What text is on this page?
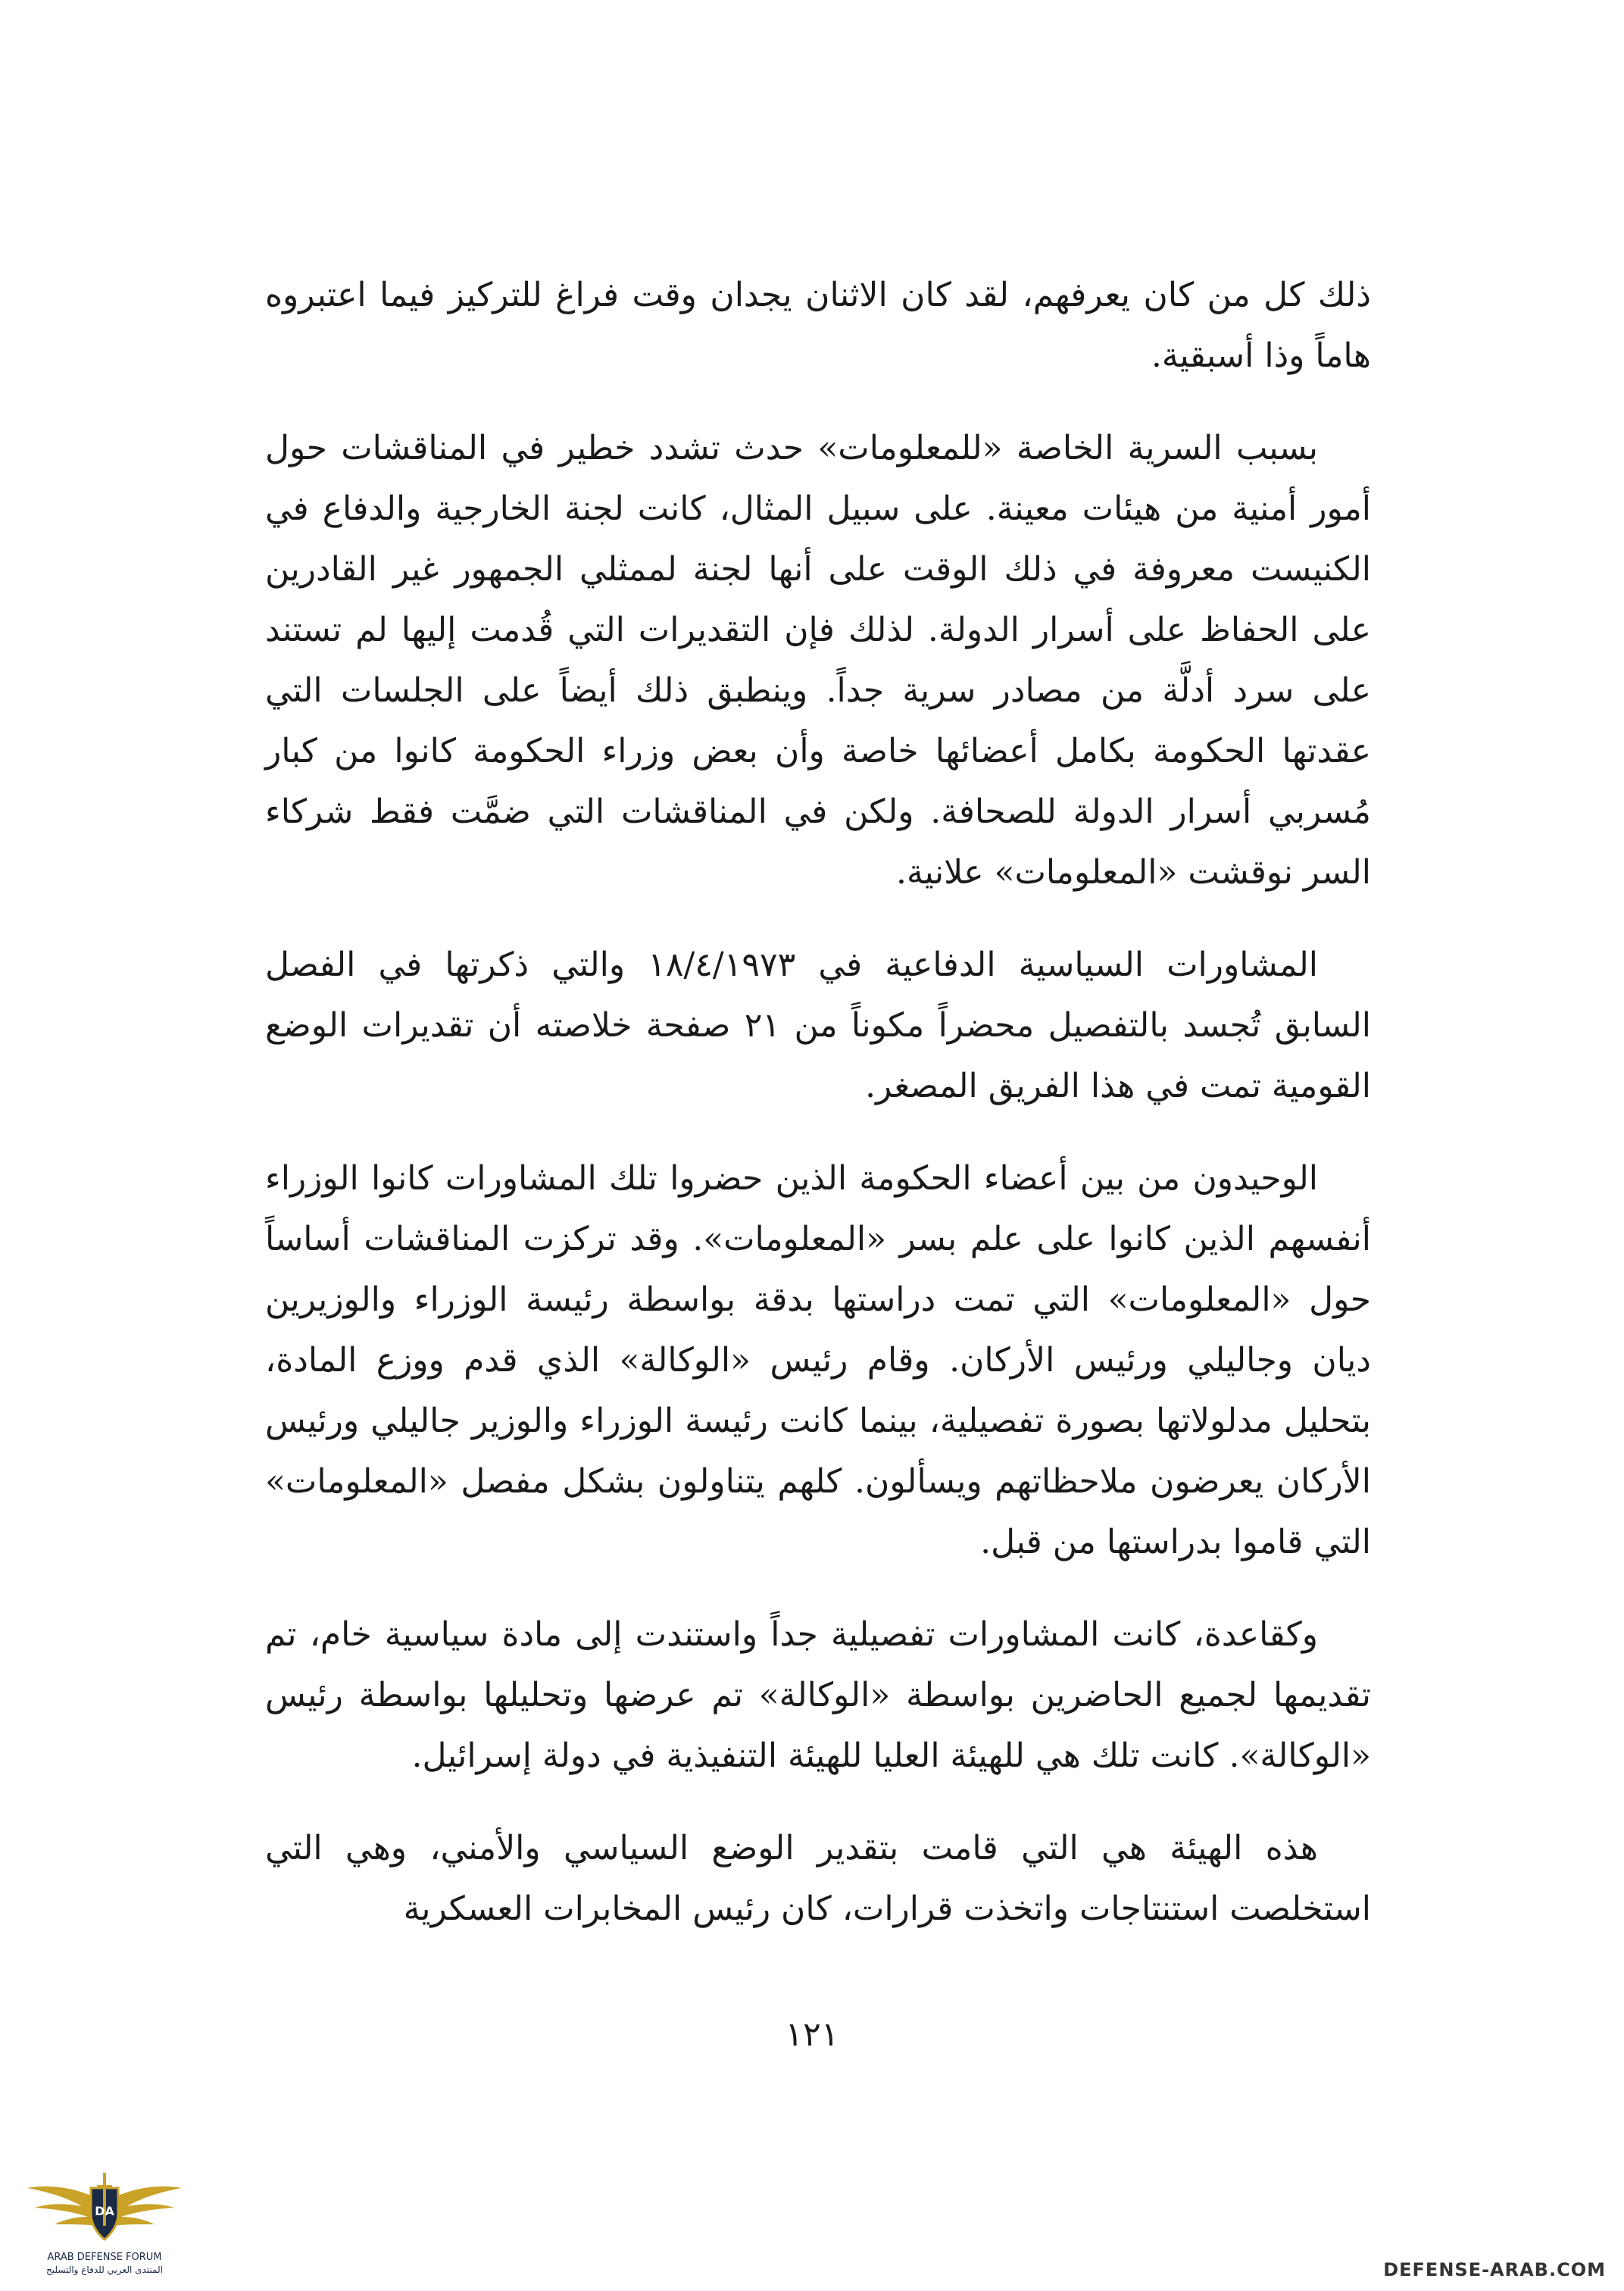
ذلك كل من كان يعرفهم، لقد كان الاثنان يجدان وقت فراغ للتركيز فيما اعتبروه هاماً وذا أسبقية.

بسبب السرية الخاصة «للمعلومات» حدث تشدد خطير في المناقشات حول أمور أمنية من هيئات معينة. على سبيل المثال، كانت لجنة الخارجية والدفاع في الكنيست معروفة في ذلك الوقت على أنها لجنة لممثلي الجمهور غير القادرين على الحفاظ على أسرار الدولة. لذلك فإن التقديرات التي قُدمت إليها لم تستند على سرد أدلَّة من مصادر سرية جداً. وينطبق ذلك أيضاً على الجلسات التي عقدتها الحكومة بكامل أعضائها خاصة وأن بعض وزراء الحكومة كانوا من كبار مُسربي أسرار الدولة للصحافة. ولكن في المناقشات التي ضمَّت فقط شركاء السر نوقشت «المعلومات» علانية.

المشاورات السياسية الدفاعية في ١٨/٤/١٩٧٣ والتي ذكرتها في الفصل السابق تُجسد بالتفصيل محضراً مكوناً من ٢١ صفحة خلاصته أن تقديرات الوضع القومية تمت في هذا الفريق المصغر.

الوحيدون من بين أعضاء الحكومة الذين حضروا تلك المشاورات كانوا الوزراء أنفسهم الذين كانوا على علم بسر «المعلومات». وقد تركزت المناقشات أساساً حول «المعلومات» التي تمت دراستها بدقة بواسطة رئيسة الوزراء والوزيرين ديان وجاليلي ورئيس الأركان. وقام رئيس «الوكالة» الذي قدم ووزع المادة، بتحليل مدلولاتها بصورة تفصيلية، بينما كانت رئيسة الوزراء والوزير جاليلي ورئيس الأركان يعرضون ملاحظاتهم ويسألون. كلهم يتناولون بشكل مفصل «المعلومات» التي قاموا بدراستها من قبل.

وكقاعدة، كانت المشاورات تفصيلية جداً واستندت إلى مادة سياسية خام، تم تقديمها لجميع الحاضرين بواسطة «الوكالة» تم عرضها وتحليلها بواسطة رئيس «الوكالة». كانت تلك هي للهيئة العليا للهيئة التنفيذية في دولة إسرائيل.

هذه الهيئة هي التي قامت بتقدير الوضع السياسي والأمني، وهي التي استخلصت استنتاجات واتخذت قرارات، كان رئيس المخابرات العسكرية

١٢١
DA
ARAB DEFENSE FORUM
المنتدى العربي للدفاع والتسليح	DEFENSE-ARAB.COM
